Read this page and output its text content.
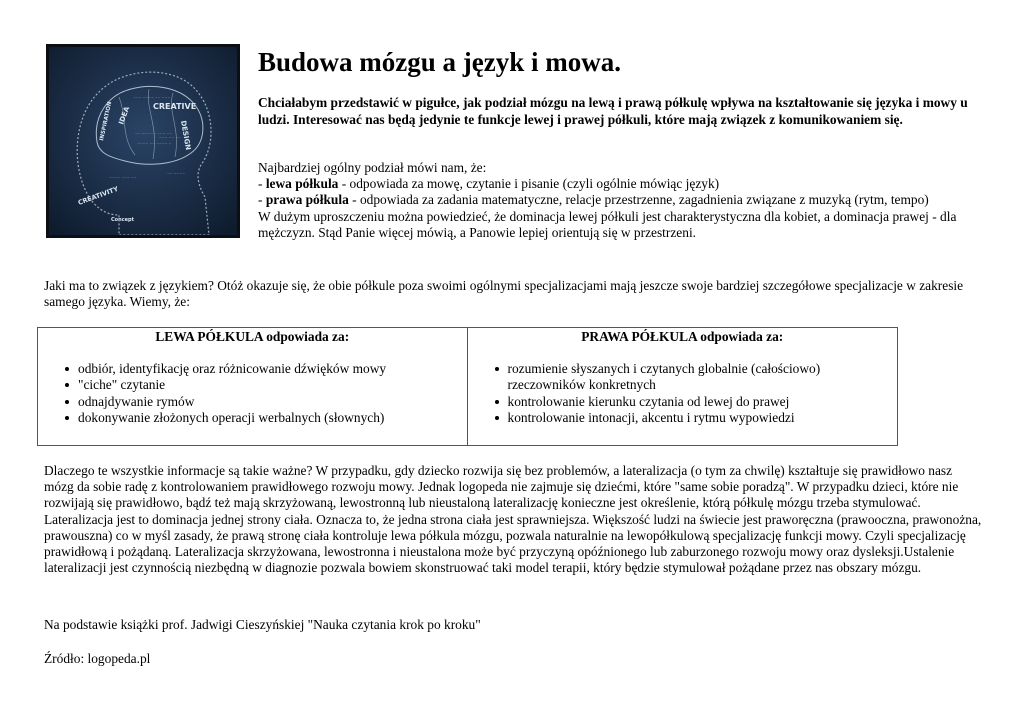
CREATIVE
IDEA
DESIGN
INSPIRATION
CREATIVITY
Concept
~~~ ~~~~ ~~ ~~~
~~ ~~~~~ ~~~ ~~
~~~~ ~~ ~~~~ ~
~~~ ~~ ~~
~~~~ ~~~ ~~
~~ ~~~~
Budowa mózgu a język i mowa.

Chciałabym przedstawić w pigułce, jak podział mózgu na lewą i prawą półkulę wpływa na kształtowanie się języka i mowy u ludzi. Interesować nas będą jedynie te funkcje lewej i prawej półkuli, które mają związek z komunikowaniem się.

Najbardziej ogólny podział mówi nam, że:

- lewa półkula - odpowiada za mowę, czytanie i pisanie (czyli ogólnie mówiąc język)

- prawa półkula - odpowiada za zadania matematyczne, relacje przestrzenne, zagadnienia związane z muzyką (rytm, tempo)

W dużym uproszczeniu można powiedzieć, że dominacja lewej półkuli jest charakterystyczna dla kobiet, a dominacja prawej - dla mężczyzn. Stąd Panie więcej mówią, a Panowie lepiej orientują się w przestrzeni.

Jaki ma to związek z językiem? Otóż okazuje się, że obie półkule poza swoimi ogólnymi specjalizacjami mają jeszcze swoje bardziej szczegółowe specjalizacje w zakresie samego języka. Wiemy, że:

LEWA PÓŁKULA odpowiada za:

odbiór, identyfikację oraz różnicowanie dźwięków mowy
"ciche" czytanie
odnajdywanie rymów
dokonywanie złożonych operacji werbalnych (słownych)

PRAWA PÓŁKULA odpowiada za:

rozumienie słyszanych i czytanych globalnie (całościowo) rzeczowników konkretnych
kontrolowanie kierunku czytania od lewej do prawej
kontrolowanie intonacji, akcentu i rytmu wypowiedzi

Dlaczego te wszystkie informacje są takie ważne? W przypadku, gdy dziecko rozwija się bez problemów, a lateralizacja (o tym za chwilę) kształtuje się prawidłowo nasz mózg da sobie radę z kontrolowaniem prawidłowego rozwoju mowy. Jednak logopeda nie zajmuje się dziećmi, które "same sobie poradzą". W przypadku dzieci, które nie rozwijają się prawidłowo, bądź też mają skrzyżowaną, lewostronną lub nieustaloną lateralizację konieczne jest określenie, którą półkulę mózgu trzeba stymulować. Lateralizacja jest to dominacja jednej strony ciała. Oznacza to, że jedna strona ciała jest sprawniejsza. Większość ludzi na świecie jest praworęczna (prawooczna, prawonożna, prawouszna) co w myśl zasady, że prawą stronę ciała kontroluje lewa półkula mózgu, pozwala naturalnie na lewopółkulową specjalizację funkcji mowy. Czyli specjalizację prawidłową i pożądaną. Lateralizacja skrzyżowana, lewostronna i nieustalona może być przyczyną opóźnionego lub zaburzonego rozwoju mowy oraz dysleksji.Ustalenie lateralizacji jest czynnością niezbędną w diagnozie pozwala bowiem skonstruować taki model terapii, który będzie stymulował pożądane przez nas obszary mózgu.

Na podstawie książki prof. Jadwigi Cieszyńskiej "Nauka czytania krok po kroku"

Źródło: logopeda.pl
